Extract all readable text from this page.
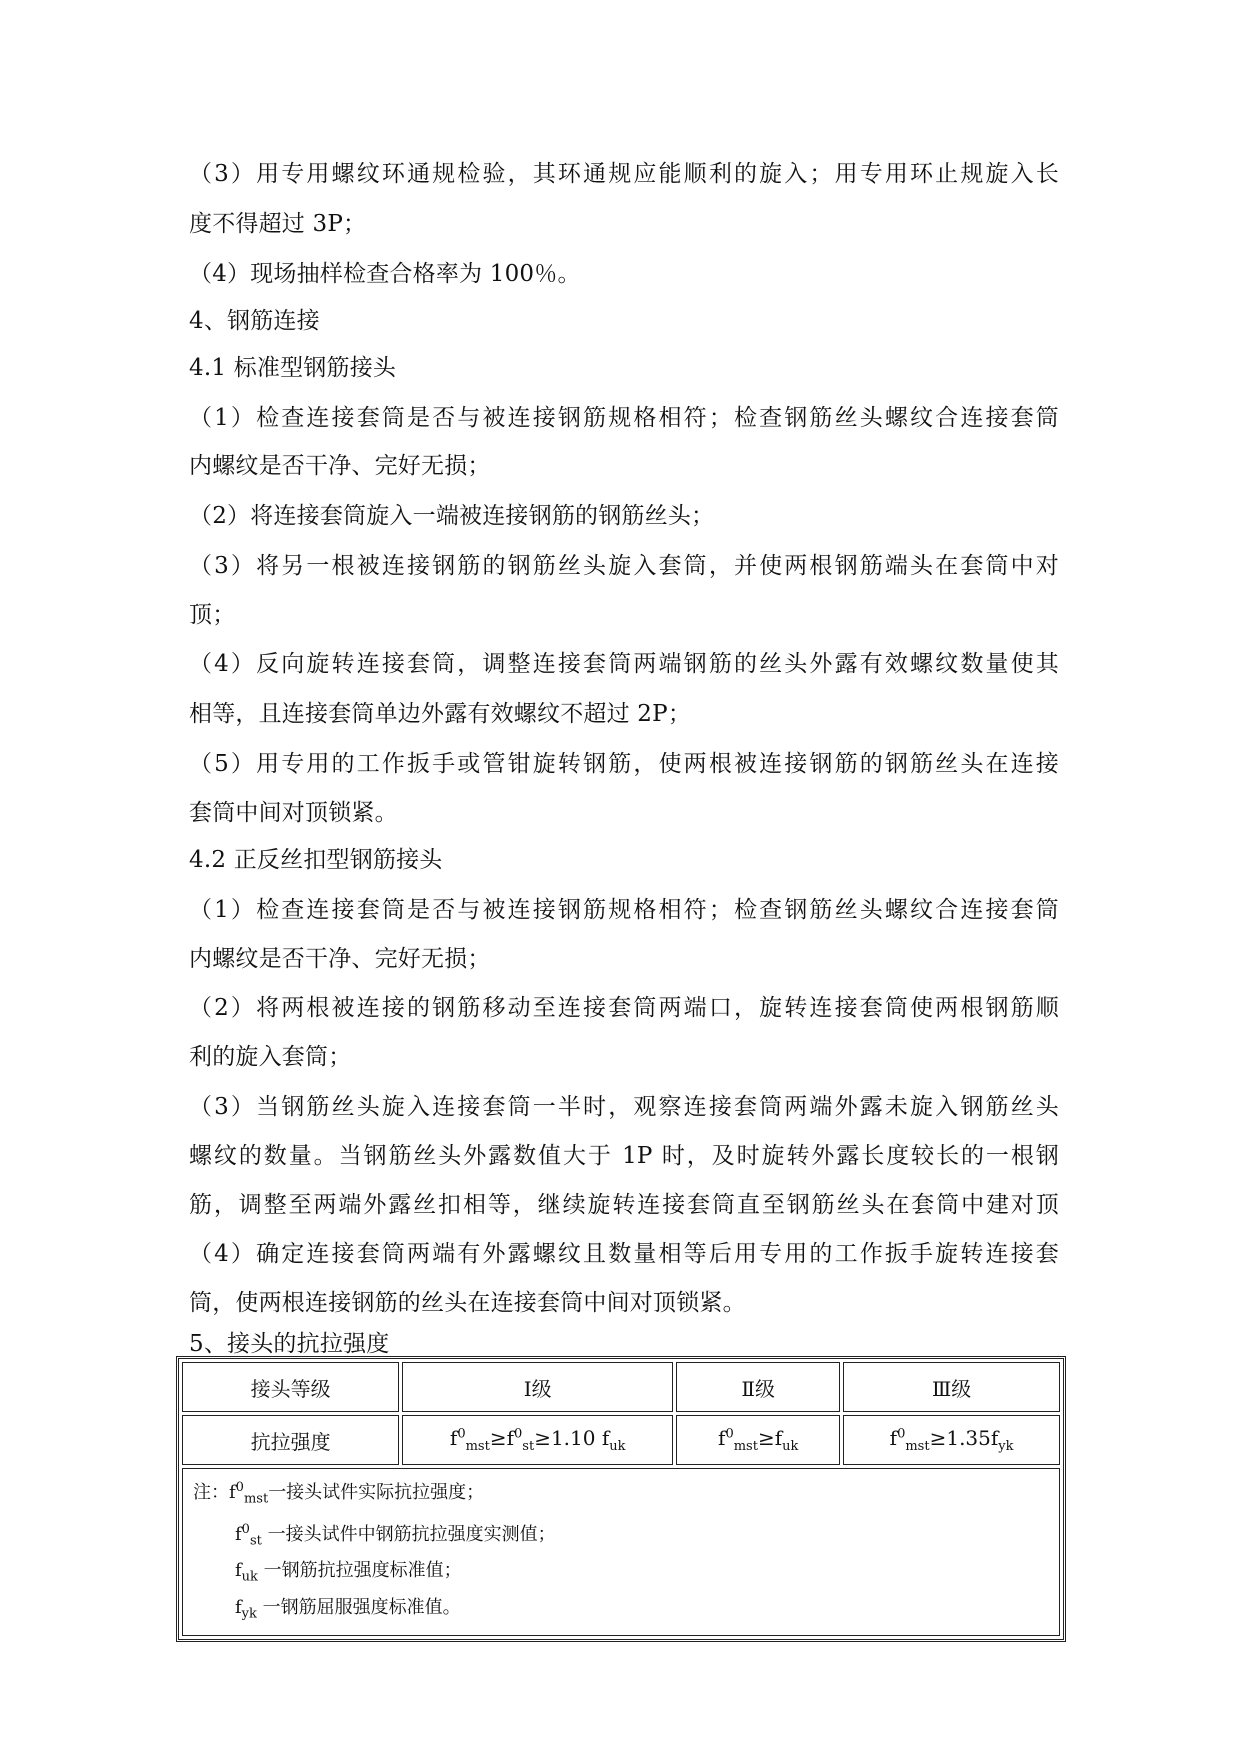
（3）用专用螺纹环通规检验，其环通规应能顺利的旋入；用专用环止规旋入长
度不得超过 3P；
（4）现场抽样检查合格率为 100％。
4、钢筋连接
4.1 标准型钢筋接头
（1）检查连接套筒是否与被连接钢筋规格相符；检查钢筋丝头螺纹合连接套筒
内螺纹是否干净、完好无损；
（2）将连接套筒旋入一端被连接钢筋的钢筋丝头；
（3）将另一根被连接钢筋的钢筋丝头旋入套筒，并使两根钢筋端头在套筒中对
顶；
（4）反向旋转连接套筒，调整连接套筒两端钢筋的丝头外露有效螺纹数量使其
相等，且连接套筒单边外露有效螺纹不超过 2P；
（5）用专用的工作扳手或管钳旋转钢筋，使两根被连接钢筋的钢筋丝头在连接
套筒中间对顶锁紧。
4.2 正反丝扣型钢筋接头
（1）检查连接套筒是否与被连接钢筋规格相符；检查钢筋丝头螺纹合连接套筒
内螺纹是否干净、完好无损；
（2）将两根被连接的钢筋移动至连接套筒两端口，旋转连接套筒使两根钢筋顺
利的旋入套筒；
（3）当钢筋丝头旋入连接套筒一半时，观察连接套筒两端外露未旋入钢筋丝头
螺纹的数量。当钢筋丝头外露数值大于 1P 时，及时旋转外露长度较长的一根钢
筋，调整至两端外露丝扣相等，继续旋转连接套筒直至钢筋丝头在套筒中建对顶
（4）确定连接套筒两端有外露螺纹且数量相等后用专用的工作扳手旋转连接套
筒，使两根连接钢筋的丝头在连接套筒中间对顶锁紧。
5、接头的抗拉强度
接头等级	Ⅰ级	Ⅱ级	Ⅲ级
抗拉强度	$f^0_{mst}\ge f^0_{st}\ge 1.10$ $f_{uk}$	$f^0_{mst}\ge f_{uk}$	$f^0_{mst}\ge 1.35f_{yk}$

注：$f^0_{mst}$一接头试件实际抗拉强度；
$f^0_{st}$ 一接头试件中钢筋抗拉强度实测值；
$f_{uk}$ 一钢筋抗拉强度标准值；
$f_{yk}$ 一钢筋屈服强度标准值。			
